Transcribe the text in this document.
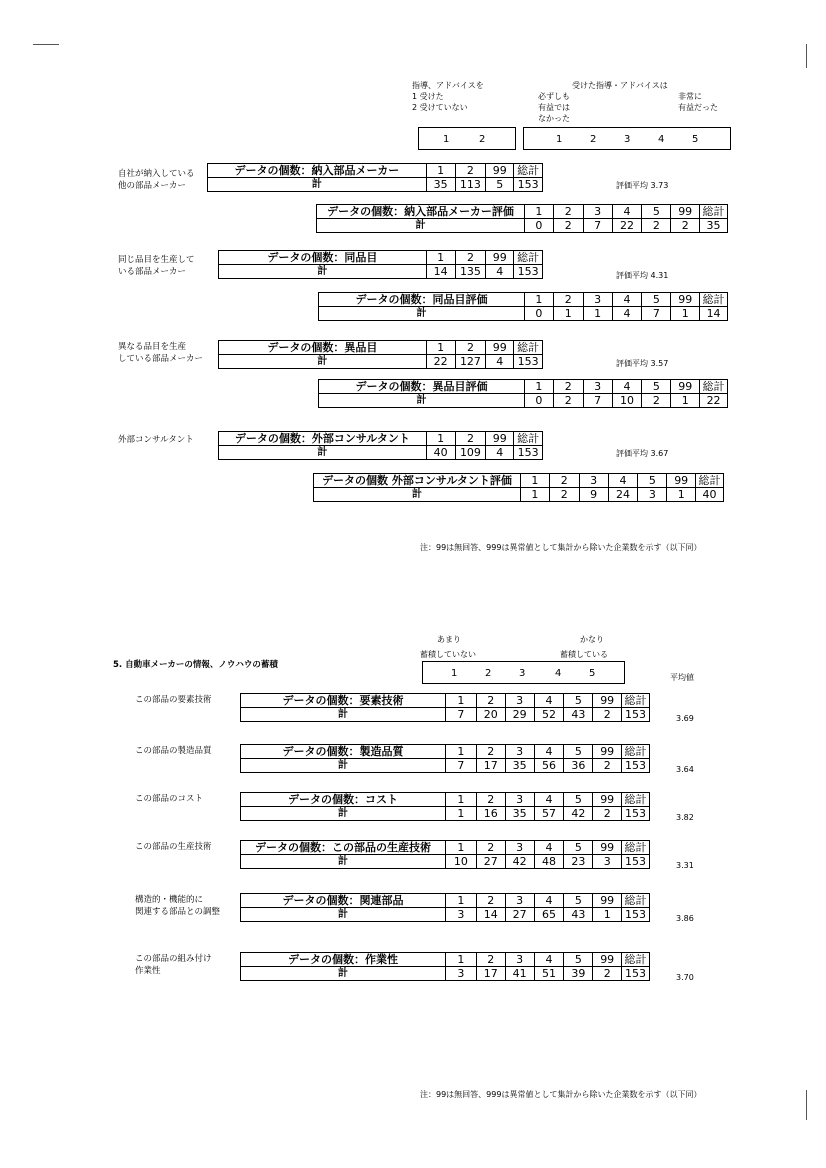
指導、アドバイスを
1 受けた
2 受けていない
受けた指導・アドバイスは
必ずしも
有益では
なかった
非常に
有益だった
1	2	1	2	3	4	5
自社が納入している
他の部品メーカー
データの個数：納入部品メーカー	1	2	99 総計
計	35	113	5	153	評価平均 3.73
データの個数：納入部品メーカー評価	1	2	3	4	5	99 総計
計	0	2	7	22	2	2	35
同じ品目を生産して
いる部品メーカー
データの個数：同品目	1	2	99 総計
計	14	135	4	153	評価平均 4.31
データの個数：同品目評価	1	2	3	4	5	99 総計
計	0	1	1	4	7	1	14
異なる品目を生産
している部品メーカー
データの個数：異品目	1	2	99 総計
計	22	127	4	153	評価平均 3.57
データの個数：異品目評価	1	2	3	4	5	99 総計
計	0	2	7	10	2	1	22
外部コンサルタント	データの個数：外部コンサルタント	1	2	99 総計
計	40	109	4	153	評価平均 3.67
データの個数 外部コンサルタント評価	1	2	3	4	5	99 総計
計	1	2	9	24	3	1	40
注：99は無回答、999は異常値として集計から除いた企業数を示す（以下同）
5. 自動車メーカーの情報、ノウハウの蓄積
あまり
蓄積していない
かなり
蓄積している
1	2	3	4	5	平均値
この部品の要素技術	データの個数：要素技術	1	2	3	4	5	99 総計
計	7	20	29	52	43	2	153	3.69
この部品の製造品質	データの個数：製造品質	1	2	3	4	5	99 総計
計	7	17	35	56	36	2	153	3.64
この部品のコスト	データの個数：コスト	1	2	3	4	5	99 総計
計	1	16	35	57	42	2	153	3.82
この部品の生産技術	データの個数：この部品の生産技術	1	2	3	4	5	99 総計
計	10	27	42	48	23	3	153	3.31
構造的・機能的に
関連する部品との調整
データの個数：関連部品	1	2	3	4	5	99 総計
計	3	14	27	65	43	1	153	3.86
この部品の組み付け
作業性
データの個数：作業性	1	2	3	4	5	99 総計
計	3	17	41	51	39	2	153	3.70
注：99は無回答、999は異常値として集計から除いた企業数を示す（以下同）
